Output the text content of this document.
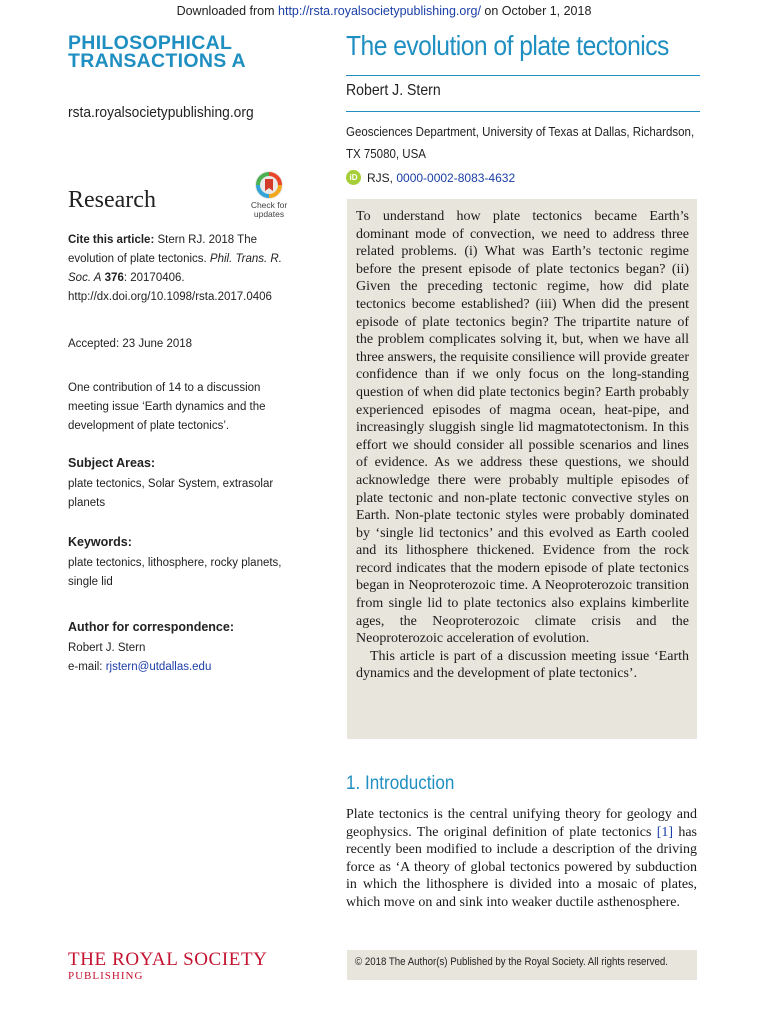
Downloaded from http://rsta.royalsocietypublishing.org/ on October 1, 2018
PHILOSOPHICAL
TRANSACTIONS A
rsta.royalsocietypublishing.org
Research	Check for
updates
Cite this article: Stern RJ. 2018 The evolution of plate tectonics. Phil. Trans. R. Soc. A 376: 20170406.
http://dx.doi.org/10.1098/rsta.2017.0406
Accepted: 23 June 2018
One contribution of 14 to a discussion meeting issue ‘Earth dynamics and the development of plate tectonics’.
Subject Areas:
plate tectonics, Solar System, extrasolar planets
Keywords:
plate tectonics, lithosphere, rocky planets, single lid
Author for correspondence:
Robert J. Stern
e-mail: rjstern@utdallas.edu
The evolution of plate tectonics
Robert J. Stern
Geosciences Department, University of Texas at Dallas, Richardson,
TX 75080, USA
iD RJS, 0000-0002-8083-4632

To understand how plate tectonics became Earth’s dominant mode of convection, we need to address three related problems. (i) What was Earth’s tectonic regime before the present episode of plate tectonics began? (ii) Given the preceding tectonic regime, how did plate tectonics become established? (iii) When did the present episode of plate tectonics begin? The tripartite nature of the problem complicates solving it, but, when we have all three answers, the requisite consilience will provide greater confidence than if we only focus on the long-standing question of when did plate tectonics begin? Earth probably experienced episodes of magma ocean, heat-pipe, and increasingly sluggish single lid magmatotectonism. In this effort we should consider all possible scenarios and lines of evidence. As we address these questions, we should acknowledge there were probably multiple episodes of plate tectonic and non-plate tectonic convective styles on Earth. Non-plate tectonic styles were probably dominated by ‘single lid tectonics’ and this evolved as Earth cooled and its lithosphere thickened. Evidence from the rock record indicates that the modern episode of plate tectonics began in Neoproterozoic time. A Neoproterozoic transition from single lid to plate tectonics also explains kimberlite ages, the Neoproterozoic climate crisis and the Neoproterozoic acceleration of evolution.

This article is part of a discussion meeting issue ‘Earth dynamics and the development of plate tectonics’.

1. Introduction

Plate tectonics is the central unifying theory for geology and geophysics. The original definition of plate tectonics [1] has recently been modified to include a description of the driving force as ‘A theory of global tectonics powered by subduction in which the lithosphere is divided into a mosaic of plates, which move on and sink into weaker ductile asthenosphere.

© 2018 The Author(s) Published by the Royal Society. All rights reserved.
THE ROYAL SOCIETY
PUBLISHING
